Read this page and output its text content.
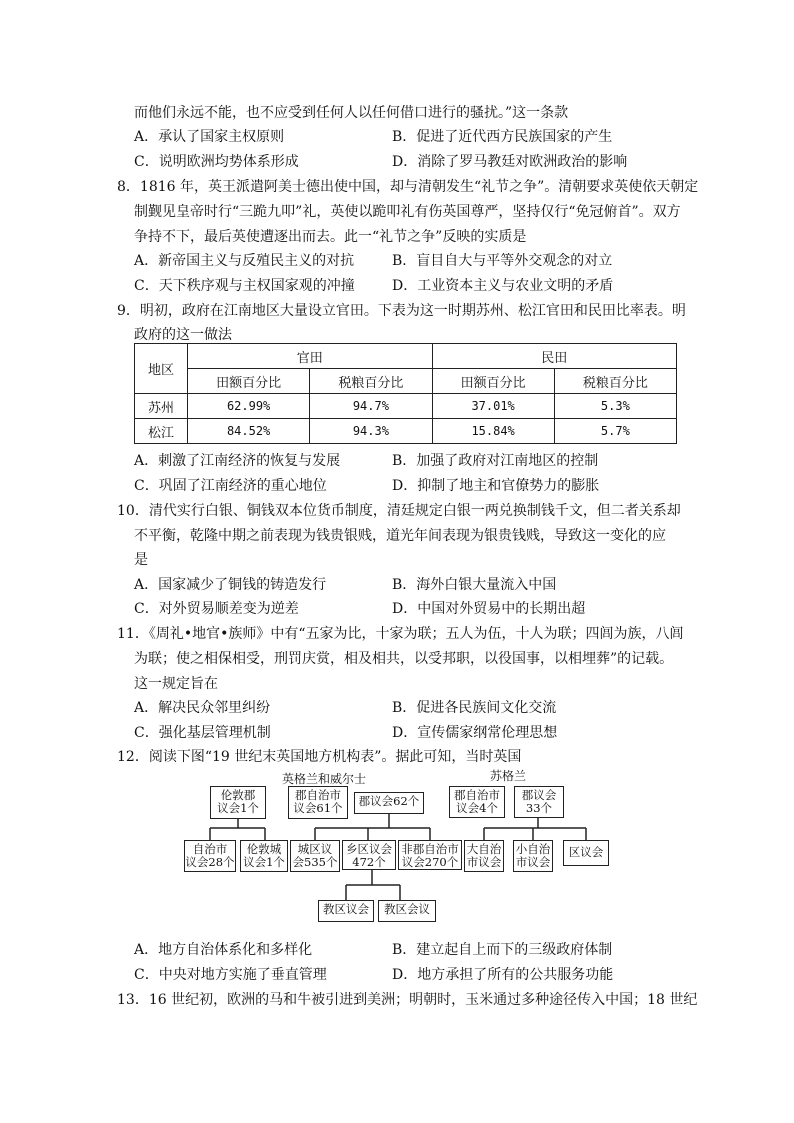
而他们永远不能，也不应受到任何人以任何借口进行的骚扰。”这一条款
A．承认了国家主权原则	B．促进了近代西方民族国家的产生
C．说明欧洲均势体系形成	D．消除了罗马教廷对欧洲政治的影响
8．1816 年，英王派遣阿美士德出使中国，却与清朝发生“礼节之争”。清朝要求英使依天朝定
制觐见皇帝时行“三跪九叩”礼，英使以跪叩礼有伤英国尊严，坚持仅行“免冠俯首”。双方
争持不下，最后英使遭逐出而去。此一“礼节之争”反映的实质是
A．新帝国主义与反殖民主义的对抗	B．盲目自大与平等外交观念的对立
C．天下秩序观与主权国家观的冲撞	D．工业资本主义与农业文明的矛盾
9．明初，政府在江南地区大量设立官田。下表为这一时期苏州、松江官田和民田比率表。明
政府的这一做法
地区	官田		民田	
	田额百分比	税粮百分比	田额百分比	税粮百分比
苏州	62.99%	94.7%	37.01%	5.3%
松江	84.52%	94.3%	15.84%	5.7%
A．刺激了江南经济的恢复与发展	B．加强了政府对江南地区的控制
C．巩固了江南经济的重心地位	D．抑制了地主和官僚势力的膨胀
10．清代实行白银、铜钱双本位货币制度，清廷规定白银一两兑换制钱千文，但二者关系却
不平衡，乾隆中期之前表现为钱贵银贱，道光年间表现为银贵钱贱，导致这一变化的应
是
A．国家减少了铜钱的铸造发行	B．海外白银大量流入中国
C．对外贸易顺差变为逆差	D．中国对外贸易中的长期出超
11．《周礼•地官•族师》中有“五家为比，十家为联；五人为伍，十人为联；四闾为族，八闾
为联；使之相保相受，刑罚庆赏，相及相共，以受邦职，以役国事，以相埋葬”的记载。
这一规定旨在
A．解决民众邻里纠纷	B．促进各民族间文化交流
C．强化基层管理机制	D．宣传儒家纲常伦理思想
12．阅读下图“19 世纪末英国地方机构表”。据此可知，当时英国
英格兰和威尔士	苏格兰
伦敦郡
议会1个
郡自治市
议会61个	郡议会62个
自治市
议会28个
伦敦城
议会1个
城区议
会535个
乡区议会
472个
非郡自治市
议会270个
教区议会	教区会议
郡自治市
议会4个
郡议会
33个
大自治
市议会
小自治
市议会
区议会
A．地方自治体系化和多样化	B．建立起自上而下的三级政府体制
C．中央对地方实施了垂直管理	D．地方承担了所有的公共服务功能
13．16 世纪初，欧洲的马和牛被引进到美洲；明朝时，玉米通过多种途径传入中国；18 世纪
